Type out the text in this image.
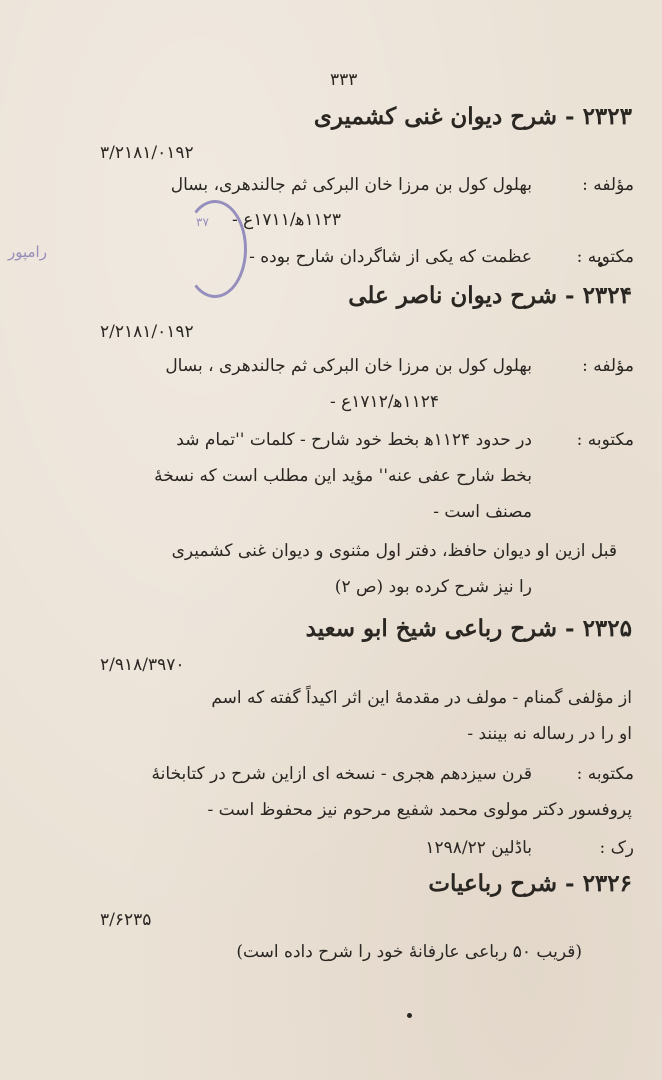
رامپور
۳۷
٣٣٣
۲۳۲۳ - شرح دیوان غنی کشمیری
۳/۲۱۸۱/۰۱۹۲
مؤلفه :
بهلول کول بن مرزا خان البرکی ثم جالندهری، بسال
۱۱۲۳ﻫ/۱۷۱۱ع -
مکتوبه :
عظمت که یکی از شاگردان شارح بوده -
۲۳۲۴ - شرح دیوان ناصر علی
۲/۲۱۸۱/۰۱۹۲
مؤلفه :
بهلول کول بن مرزا خان البرکی ثم جالندهری ، بسال
۱۱۲۴ﻫ/۱۷۱۲ع -
مکتوبه :
در حدود ۱۱۲۴ﻫ بخط خود شارح - کلمات ''تمام شد
بخط شارح عفی عنه'' مؤید این مطلب است که نسخهٔ
مصنف است -
قبل ازین او دیوان حافظ، دفتر اول مثنوی و دیوان غنی کشمیری
را نیز شرح کرده بود (ص ۲)
۲۳۲۵ - شرح رباعی شیخ ابو سعید
۲/۹۱۸/۳۹۷۰
از مؤلفی گمنام - مولف در مقدمهٔ این اثر اکیداً گفته که اسم
او را در رساله نه بینند -
مکتوبه :
قرن سیزدهم هجری - نسخه ای ازاین شرح در کتابخانهٔ
پروفسور دکتر مولوی محمد شفیع مرحوم نیز محفوظ است -
رک :
باڈلین ۱۲۹۸/۲۲
۲۳۲۶ - شرح رباعیات
۳/۶۲۳۵
(قریب ۵۰ رباعی عارفانهٔ خود را شرح داده است)
